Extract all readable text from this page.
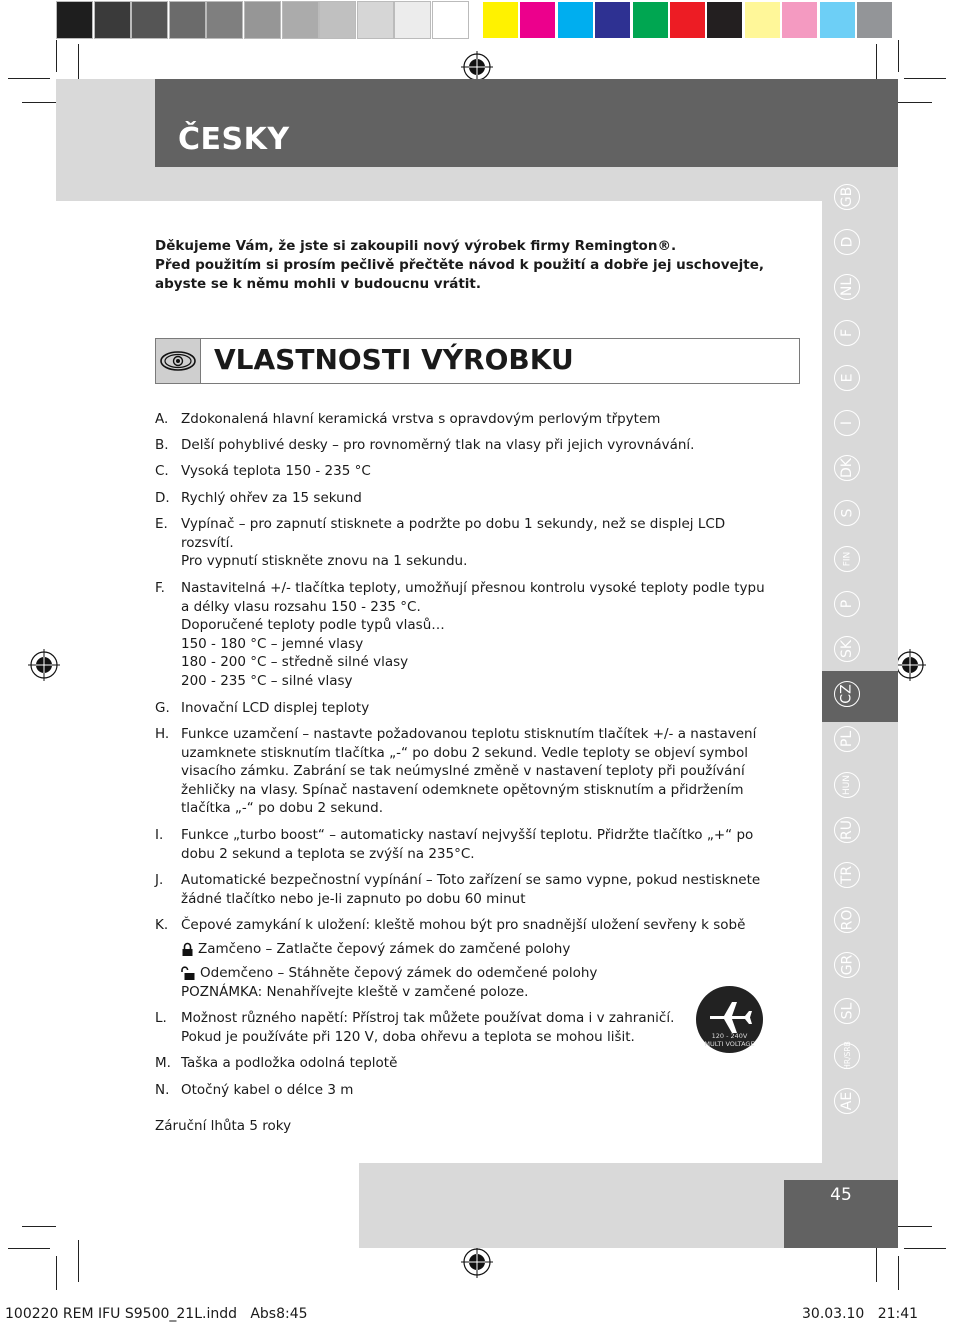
45
ČESKY
Děkujeme Vám, že jste si zakoupili nový výrobek firmy Remington®.
Před použitím si prosím pečlivě přečtěte návod k použití a dobře jej uschovejte,
abyste se k němu mohli v budoucnu vrátit.
VLASTNOSTI VÝROBKU
A. Zdokonalená hlavní keramická vrstva s opravdovým perlovým třpytem
B. Delší pohyblivé desky – pro rovnoměrný tlak na vlasy při jejich vyrovnávání.
C. Vysoká teplota 150 - 235 °C
D. Rychlý ohřev za 15 sekund
E. Vypínač – pro zapnutí stisknete a podržte po dobu 1 sekundy, než se displej LCD
rozsvítí.
Pro vypnutí stiskněte znovu na 1 sekundu.
F. Nastavitelná +/- tlačítka teploty, umožňují přesnou kontrolu vysoké teploty podle typu
a délky vlasu rozsahu 150 - 235 °C.
Doporučené teploty podle typů vlasů…
150 - 180 °C – jemné vlasy
180 - 200 °C – středně silné vlasy
200 - 235 °C – silné vlasy
G. Inovační LCD displej teploty
H. Funkce uzamčení – nastavte požadovanou teplotu stisknutím tlačítek +/- a nastavení
uzamknete stisknutím tlačítka „-“ po dobu 2 sekund. Vedle teploty se objeví symbol
visacího zámku. Zabrání se tak neúmyslné změně v nastavení teploty při používání
žehličky na vlasy. Spínač nastavení odemknete opětovným stisknutím a přidržením
tlačítka „-“ po dobu 2 sekund.
I. Funkce „turbo boost“ – automaticky nastaví nejvyšší teplotu. Přidržte tlačítko „+“ po
dobu 2 sekund a teplota se zvýší na 235°C.
J. Automatické bezpečnostní vypínání – Toto zařízení se samo vypne, pokud nestisknete
žádné tlačítko nebo je-li zapnuto po dobu 60 minut
K. Čepové zamykání k uložení: kleště mohou být pro snadnější uložení sevřeny k sobě
Zamčeno – Zatlačte čepový zámek do zamčené polohy
Odemčeno – Stáhněte čepový zámek do odemčené polohy
POZNÁMKA: Nenahřívejte kleště v zamčené poloze.
L. Možnost různého napětí: Přístroj tak můžete používat doma i v zahraničí.
Pokud je používáte při 120 V, doba ohřevu a teplota se mohou lišit.
M. Taška a podložka odolná teplotě
N. Otočný kabel o délce 3 m
Záruční lhůta 5 roky
120 - 240V
MULTI VOLTAGE
GB
D
NL
F
E
I
DK
S
FIN
P
SK
CZ
PL
HUN
RU
TR
RO
GR
SL
HR/SRB
AE
100220 REM IFU S9500_21L.indd   Abs8:45	30.03.10   21:41
